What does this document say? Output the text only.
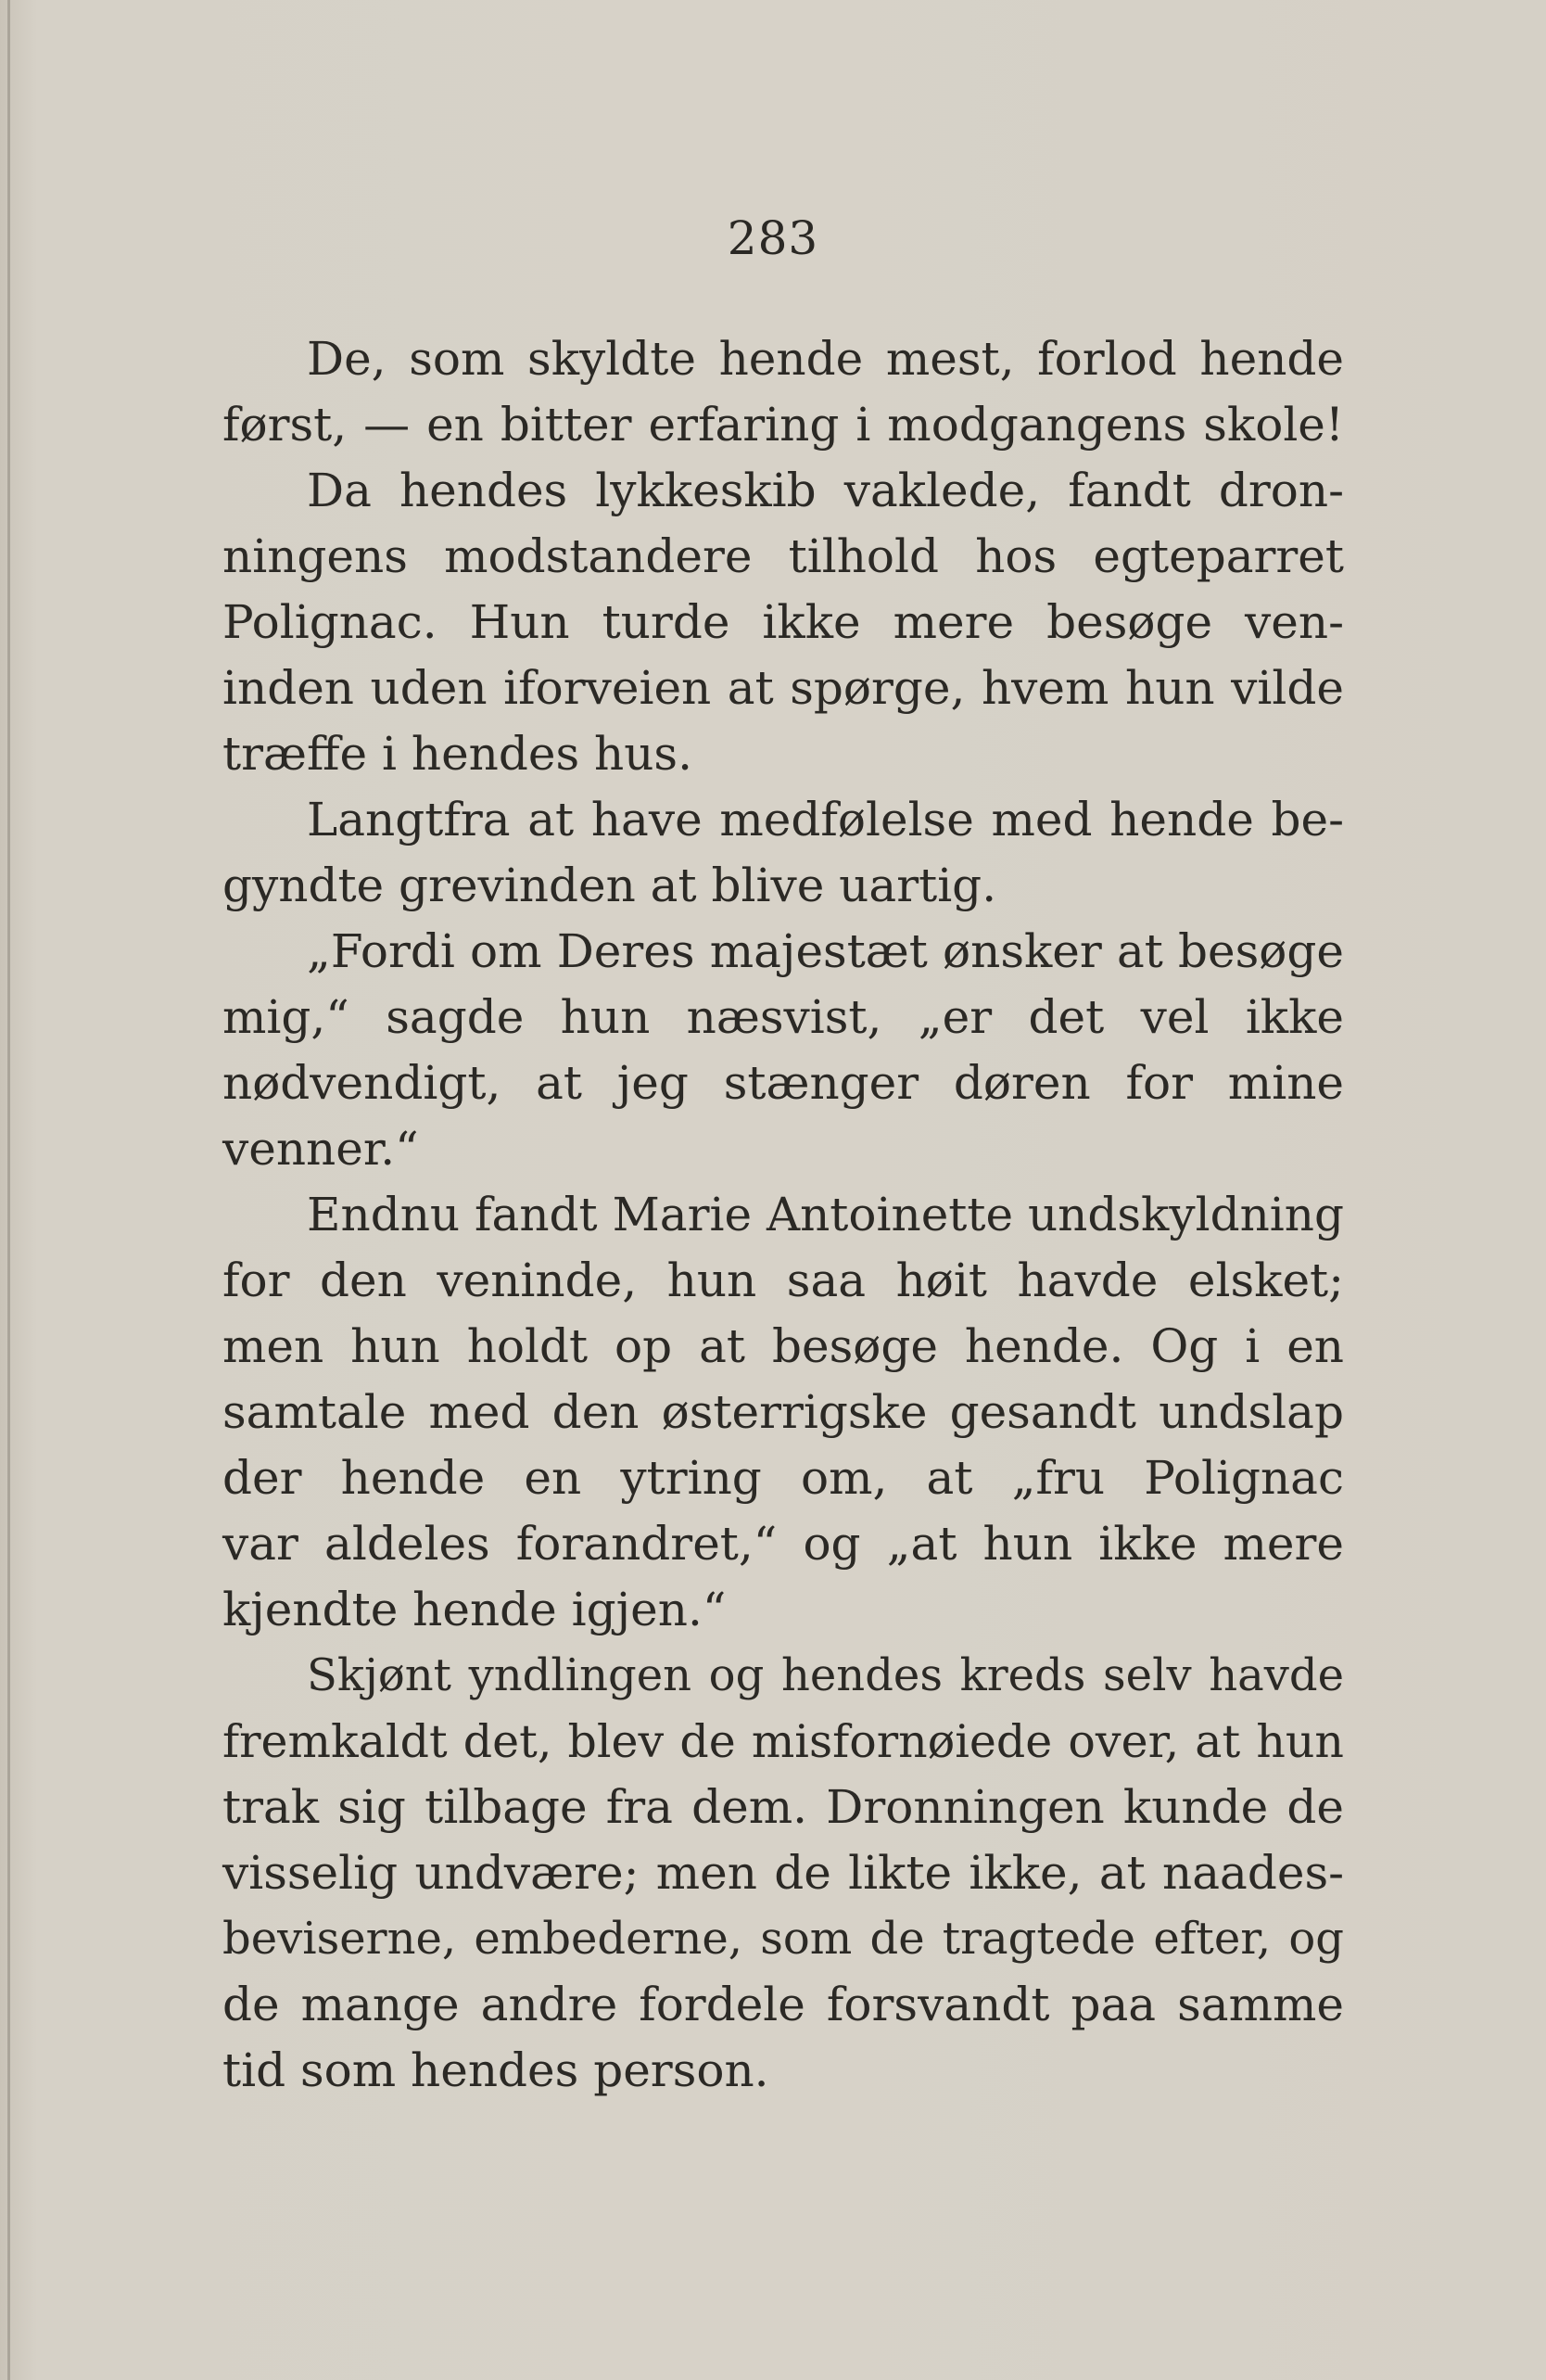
283
De, som skyldte hende mest, forlod hende
først, — en bitter erfaring i modgangens skole!
Da hendes lykkeskib vaklede, fandt dron-
ningens modstandere tilhold hos egteparret
Polignac. Hun turde ikke mere besøge ven-
inden uden iforveien at spørge, hvem hun vilde
træffe i hendes hus.
Langtfra at have medfølelse med hende be-
gyndte grevinden at blive uartig.
„Fordi om Deres majestæt ønsker at besøge
mig,“ sagde hun næsvist, „er det vel ikke
nødvendigt, at jeg stænger døren for mine
venner.“
Endnu fandt Marie Antoinette undskyldning
for den veninde, hun saa høit havde elsket;
men hun holdt op at besøge hende. Og i en
samtale med den østerrigske gesandt undslap
der hende en ytring om, at „fru Polignac
var aldeles forandret,“ og „at hun ikke mere
kjendte hende igjen.“
Skjønt yndlingen og hendes kreds selv havde
fremkaldt det, blev de misfornøiede over, at hun
trak sig tilbage fra dem. Dronningen kunde de
visselig undvære; men de likte ikke, at naades-
beviserne, embederne, som de tragtede efter, og
de mange andre fordele forsvandt paa samme
tid som hendes person.
